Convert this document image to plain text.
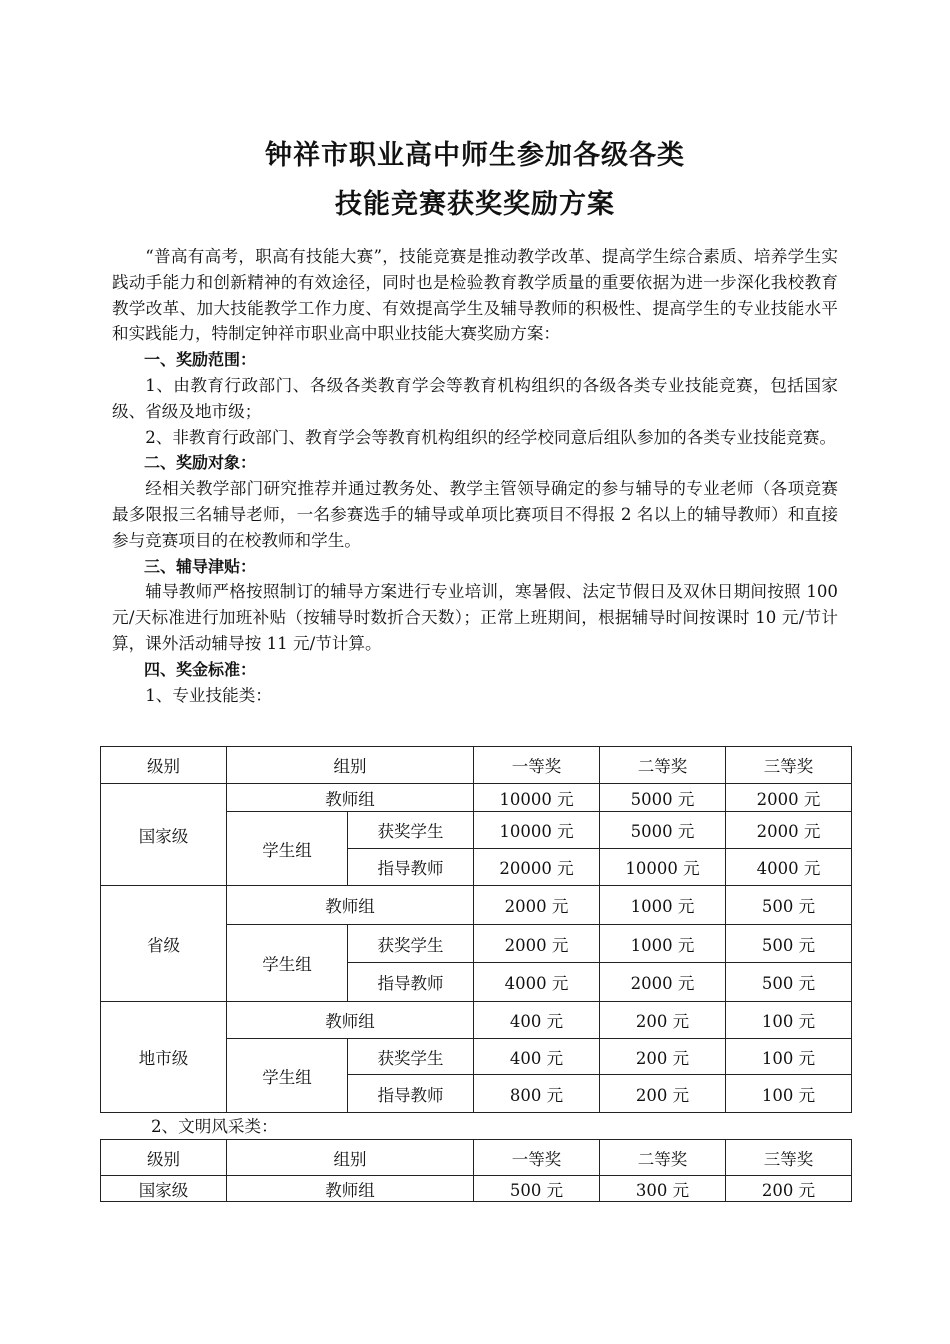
钟祥市职业高中师生参加各级各类
技能竞赛获奖奖励方案

“普高有高考，职高有技能大赛”，技能竞赛是推动教学改革、提高学生综合素质、培养学生实践动手能力和创新精神的有效途径，同时也是检验教育教学质量的重要依据为进一步深化我校教育教学改革、加大技能教学工作力度、有效提高学生及辅导教师的积极性、提高学生的专业技能水平和实践能力，特制定钟祥市职业高中职业技能大赛奖励方案：

一、奖励范围：

1、由教育行政部门、各级各类教育学会等教育机构组织的各级各类专业技能竞赛，包括国家级、省级及地市级；

2、非教育行政部门、教育学会等教育机构组织的经学校同意后组队参加的各类专业技能竞赛。

二、奖励对象：

经相关教学部门研究推荐并通过教务处、教学主管领导确定的参与辅导的专业老师（各项竞赛最多限报三名辅导老师，一名参赛选手的辅导或单项比赛项目不得报 2 名以上的辅导教师）和直接参与竞赛项目的在校教师和学生。

三、辅导津贴：

辅导教师严格按照制订的辅导方案进行专业培训，寒暑假、法定节假日及双休日期间按照 100 元/天标准进行加班补贴（按辅导时数折合天数）；正常上班期间，根据辅导时间按课时 10 元/节计算，课外活动辅导按 11 元/节计算。

四、奖金标准：

1、专业技能类：

级别	组别		一等奖	二等奖	三等奖
国家级	教师组		10000 元	5000 元	2000 元
	学生组	获奖学生	10000 元	5000 元	2000 元
		指导教师	20000 元	10000 元	4000 元
省级	教师组		2000 元	1000 元	500 元
	学生组	获奖学生	2000 元	1000 元	500 元
		指导教师	4000 元	2000 元	500 元
地市级	教师组		400 元	200 元	100 元
	学生组	获奖学生	400 元	200 元	100 元
		指导教师	800 元	200 元	100 元
2、文明风采类：
级别	组别	一等奖	二等奖	三等奖
国家级	教师组	500 元	300 元	200 元
